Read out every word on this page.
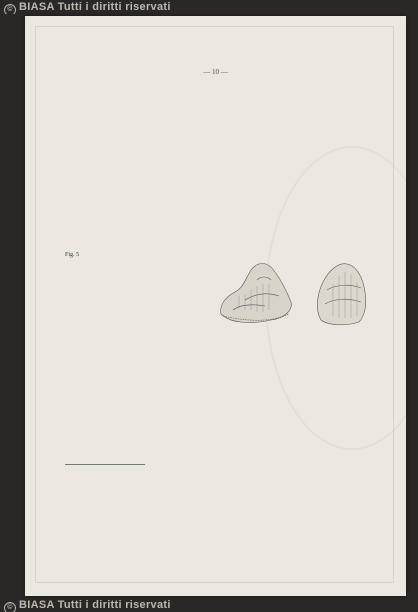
© BIASA Tutti i diritti riservati
— 10 —

Fig. 5

© BIASA Tutti i diritti riservati
